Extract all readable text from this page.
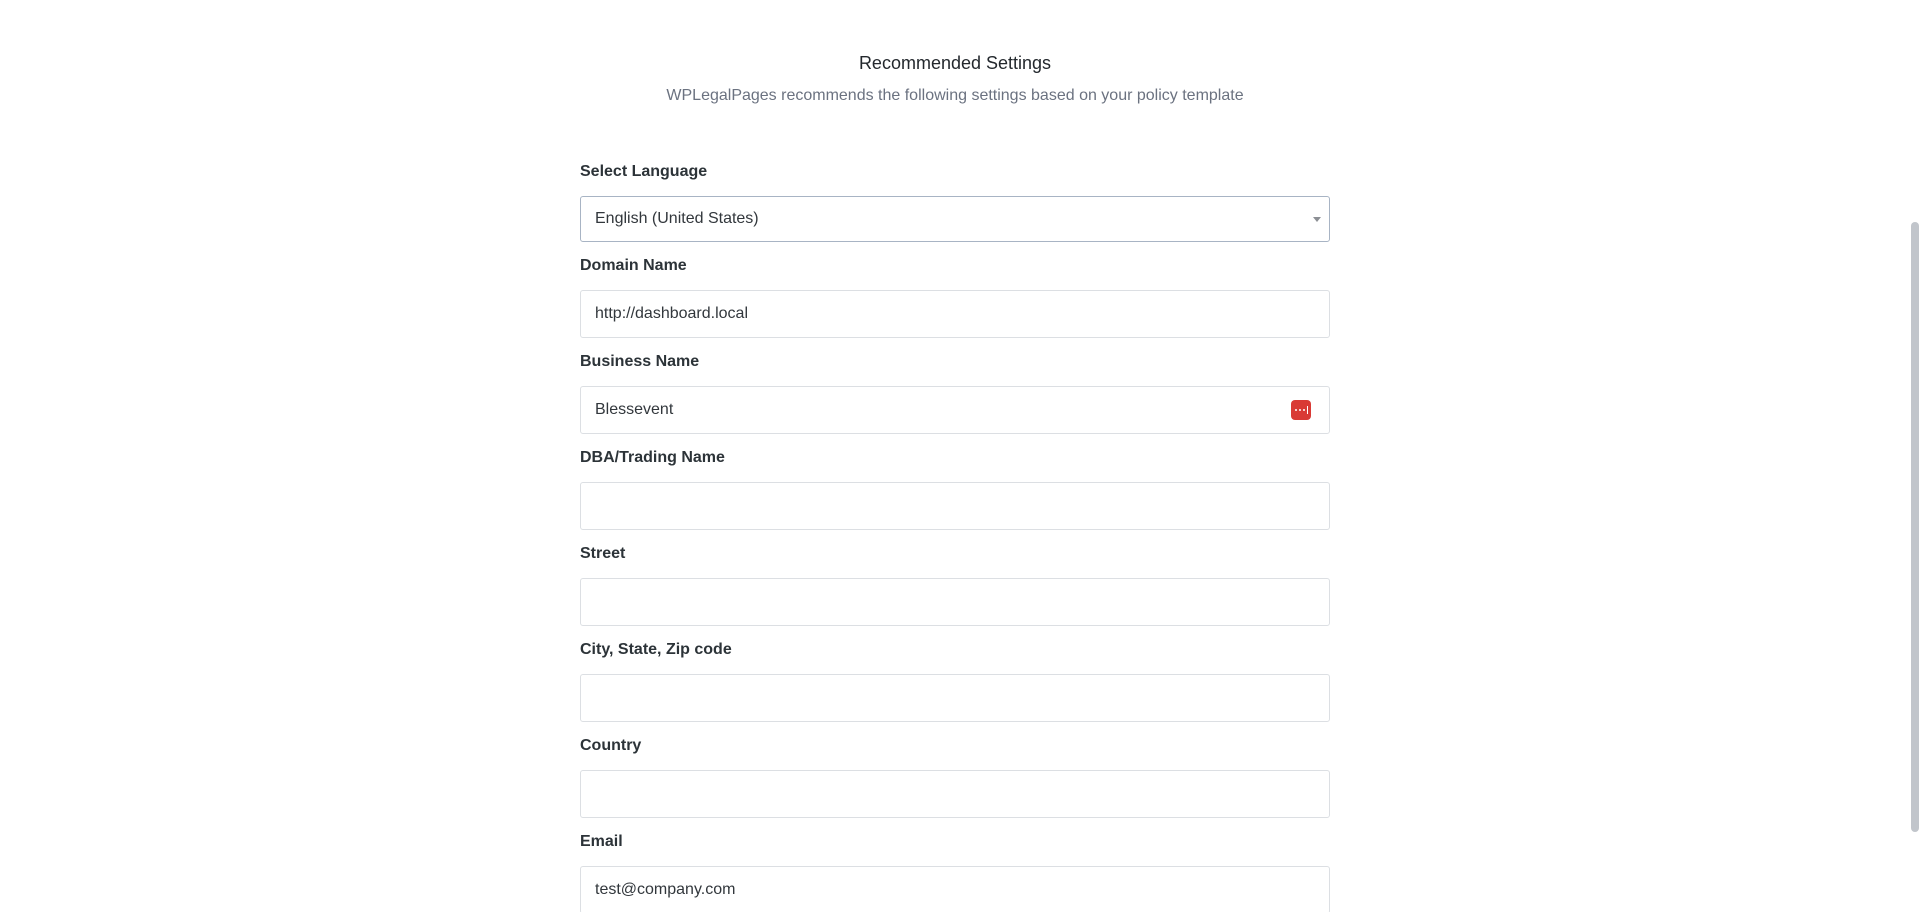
Recommended Settings
WPLegalPages recommends the following settings based on your policy template
Select Language
English (United States)
Domain Name
http://dashboard.local
Business Name
Blessevent
DBA/Trading Name
Street
City, State, Zip code
Country
Email
test@company.com
